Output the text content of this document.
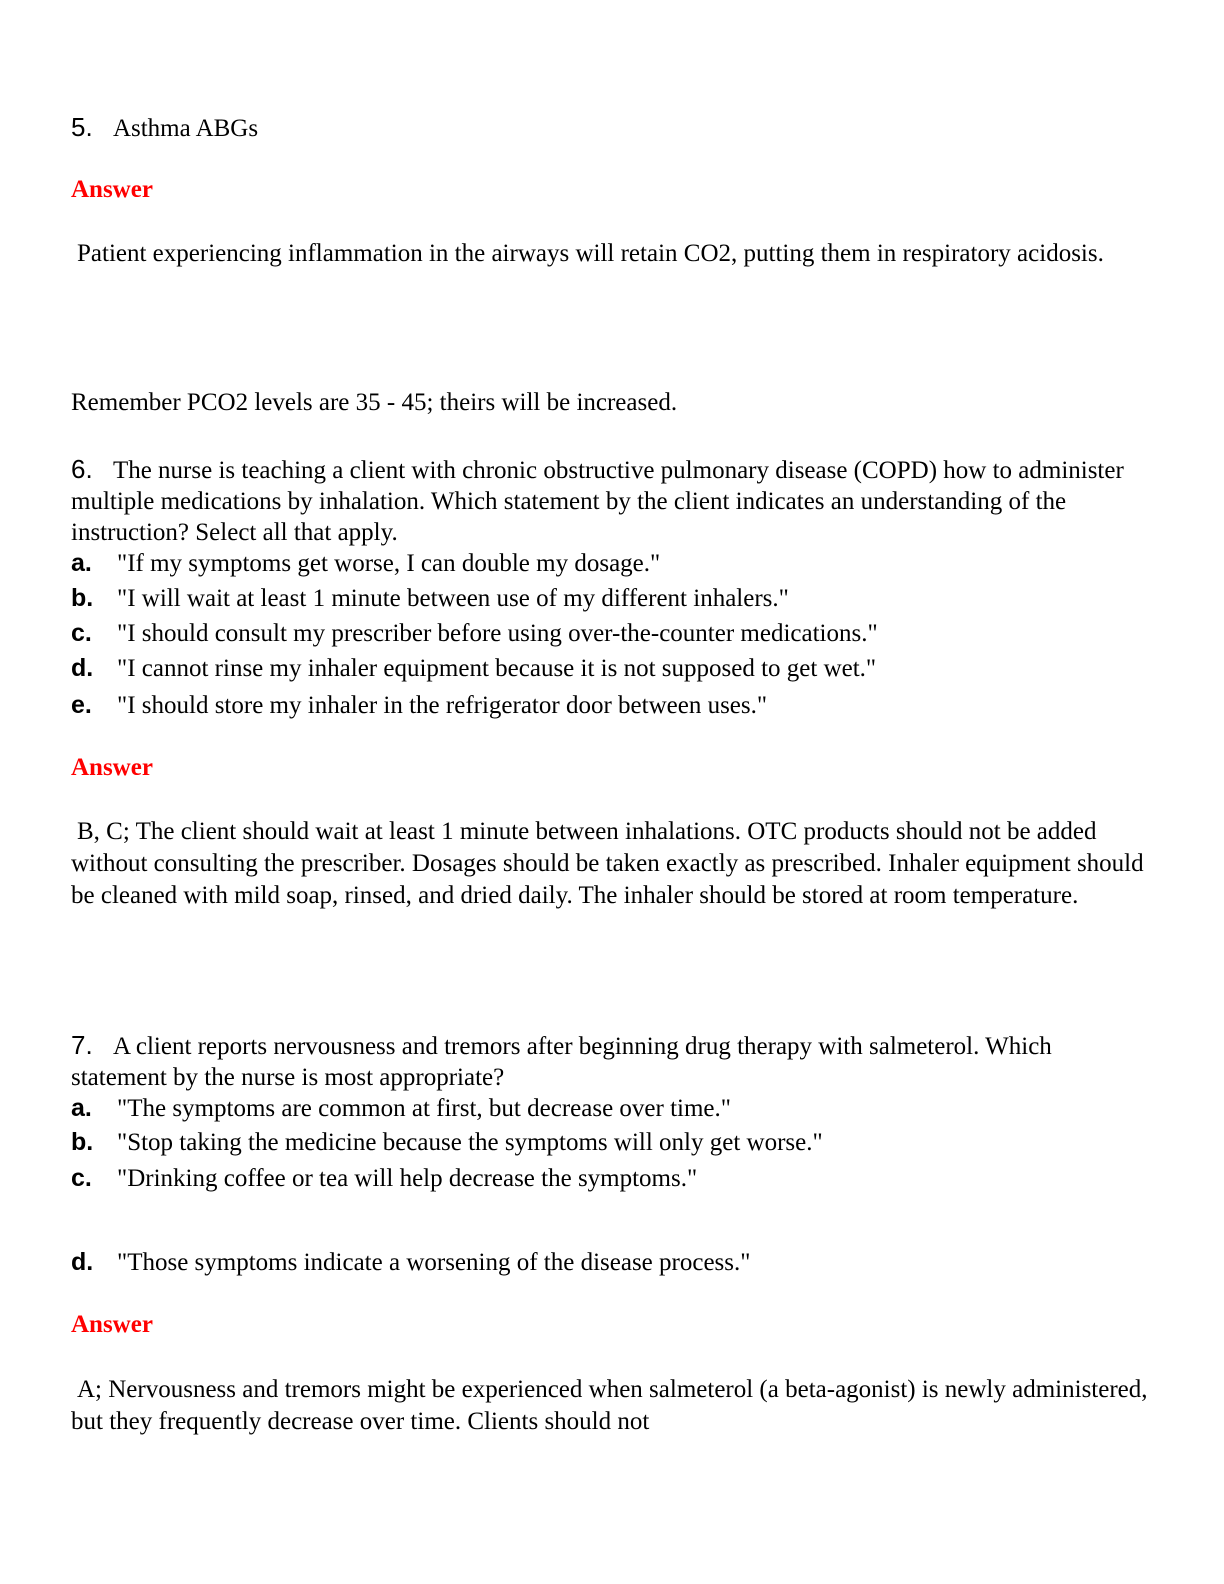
5. Asthma ABGs
Answer
Patient experiencing inflammation in the airways will retain CO2, putting them in respiratory acidosis.
Remember PCO2 levels are 35 - 45; theirs will be increased.
6. The nurse is teaching a client with chronic obstructive pulmonary disease (COPD) how to administer multiple medications by inhalation. Which statement by the client indicates an understanding of the instruction? Select all that apply.
a. "If my symptoms get worse, I can double my dosage."
b. "I will wait at least 1 minute between use of my different inhalers."
c. "I should consult my prescriber before using over-the-counter medications."
d. "I cannot rinse my inhaler equipment because it is not supposed to get wet."
e. "I should store my inhaler in the refrigerator door between uses."
Answer
B, C; The client should wait at least 1 minute between inhalations. OTC products should not be added without consulting the prescriber. Dosages should be taken exactly as prescribed. Inhaler equipment should be cleaned with mild soap, rinsed, and dried daily. The inhaler should be stored at room temperature.
7. A client reports nervousness and tremors after beginning drug therapy with salmeterol. Which statement by the nurse is most appropriate?
a. "The symptoms are common at first, but decrease over time."
b. "Stop taking the medicine because the symptoms will only get worse."
c. "Drinking coffee or tea will help decrease the symptoms."
d. "Those symptoms indicate a worsening of the disease process."
Answer
A; Nervousness and tremors might be experienced when salmeterol (a beta-agonist) is newly administered, but they frequently decrease over time. Clients should not
